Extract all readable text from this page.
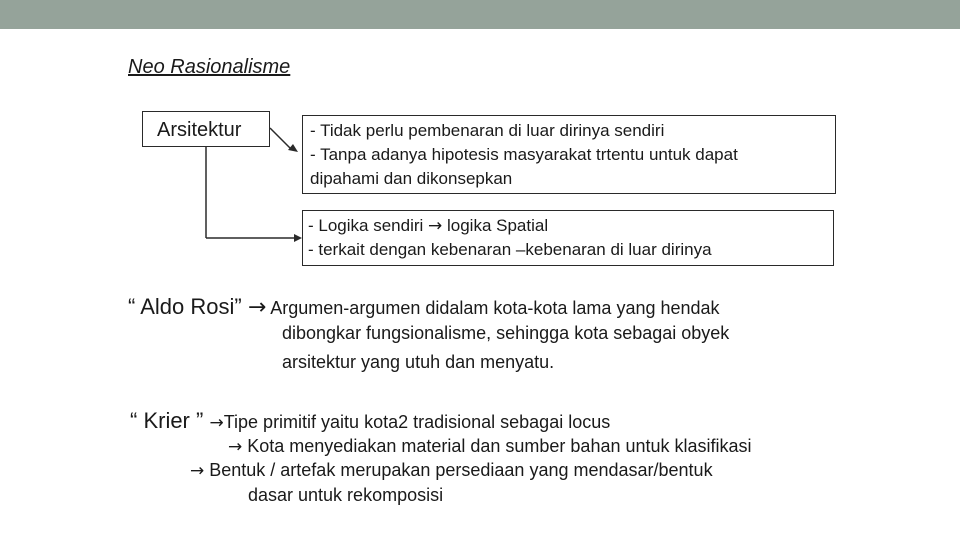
Neo Rasionalisme
Arsitektur	- Tidak perlu pembenaran di luar dirinya sendiri
- Tanpa adanya hipotesis masyarakat trtentu untuk dapat
dipahami dan dikonsepkan
- Logika sendiri → logika Spatial
- terkait dengan kebenaran –kebenaran di luar dirinya
“ Aldo Rosi” → Argumen-argumen didalam kota-kota lama yang hendak
dibongkar fungsionalisme, sehingga kota sebagai obyek
arsitektur yang utuh dan menyatu.
“ Krier ” →Tipe primitif yaitu kota2 tradisional sebagai locus
→ Kota menyediakan material dan sumber bahan untuk klasifikasi
→ Bentuk / artefak merupakan persediaan yang mendasar/bentuk
dasar untuk rekomposisi
